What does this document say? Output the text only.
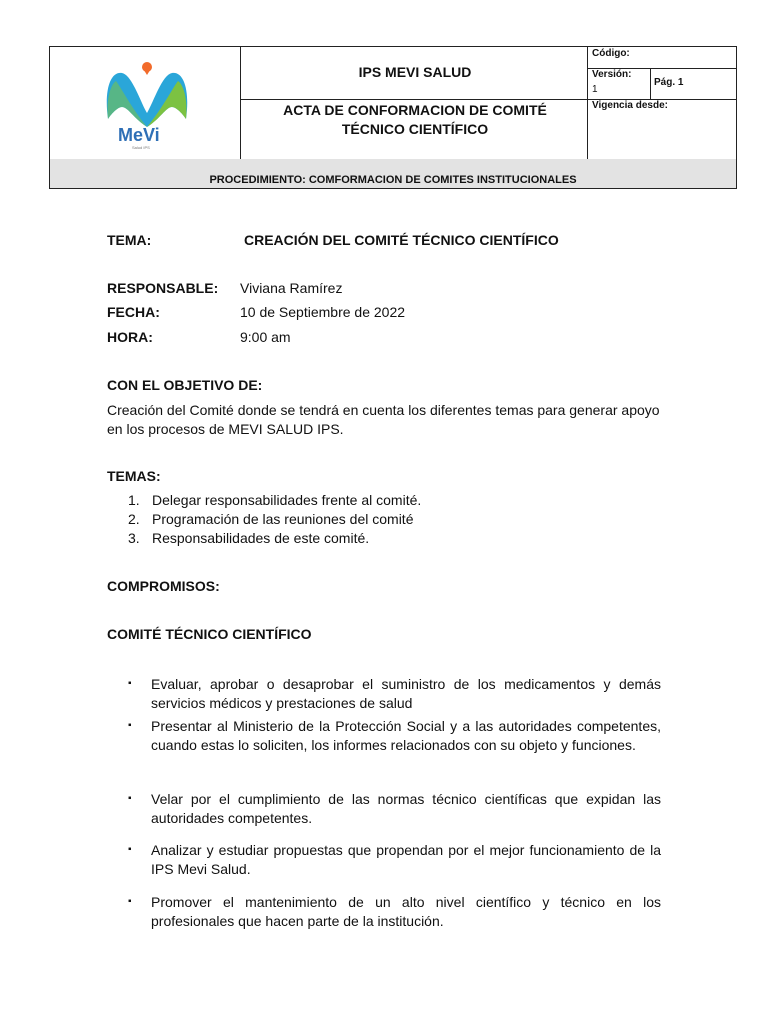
MeVi
Salud IPS
IPS MEVI SALUD
ACTA DE CONFORMACION DE COMITÉ TÉCNICO CIENTÍFICO
Código:
Versión:
1
Pág. 1
Vigencia desde:
PROCEDIMIENTO: COMFORMACION DE COMITES INSTITUCIONALES
TEMA:	CREACIÓN DEL COMITÉ TÉCNICO CIENTÍFICO
RESPONSABLE: Viviana Ramírez
FECHA:	10 de Septiembre de 2022
HORA:	9:00 am
CON EL OBJETIVO DE:
Creación del Comité donde se tendrá en cuenta los diferentes temas para generar apoyo en los procesos de MEVI SALUD IPS.
TEMAS:
1. Delegar responsabilidades frente al comité.
2. Programación de las reuniones del comité
3. Responsabilidades de este comité.
COMPROMISOS:
COMITÉ TÉCNICO CIENTÍFICO
▪ Evaluar, aprobar o desaprobar el suministro de los medicamentos y demás servicios médicos y prestaciones de salud
▪ Presentar al Ministerio de la Protección Social y a las autoridades competentes, cuando estas lo soliciten, los informes relacionados con su objeto y funciones.
▪ Velar por el cumplimiento de las normas técnico científicas que expidan las autoridades competentes.
▪ Analizar y estudiar propuestas que propendan por el mejor funcionamiento de la IPS Mevi Salud.
▪ Promover el mantenimiento de un alto nivel científico y técnico en los profesionales que hacen parte de la institución.
